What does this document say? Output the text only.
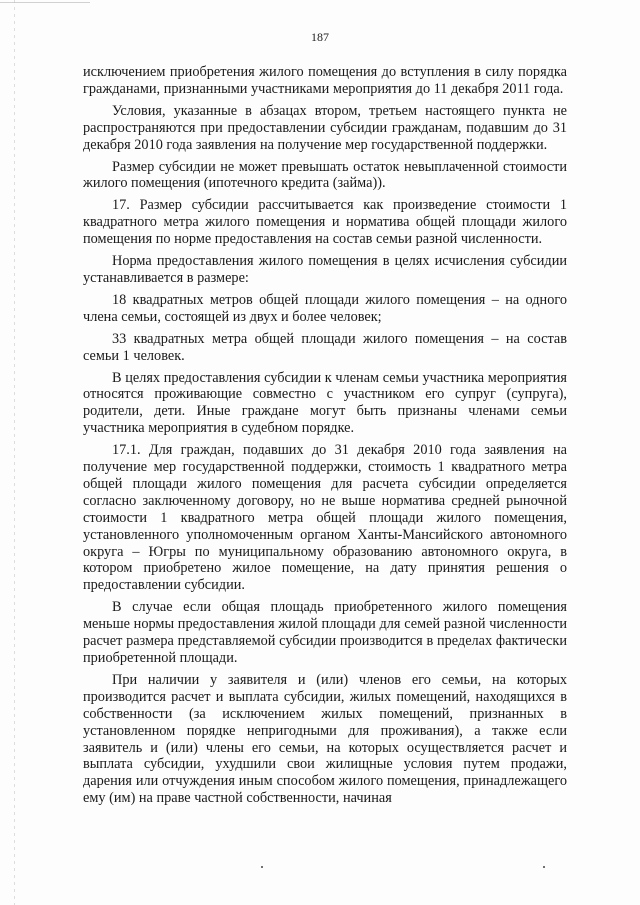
187

исключением приобретения жилого помещения до вступления в силу порядка гражданами, признанными участниками мероприятия до 11 декабря 2011 года.

Условия, указанные в абзацах втором, третьем настоящего пункта не распространяются при предоставлении субсидии гражданам, подавшим до 31 декабря 2010 года заявления на получение мер государственной поддержки.

Размер субсидии не может превышать остаток невыплаченной стоимости жилого помещения (ипотечного кредита (займа)).

17. Размер субсидии рассчитывается как произведение стоимости 1 квадратного метра жилого помещения и норматива общей площади жилого помещения по норме предоставления на состав семьи разной численности.

Норма предоставления жилого помещения в целях исчисления субсидии устанавливается в размере:

18 квадратных метров общей площади жилого помещения – на одного члена семьи, состоящей из двух и более человек;

33 квадратных метра общей площади жилого помещения – на состав семьи 1 человек.

В целях предоставления субсидии к членам семьи участника мероприятия относятся проживающие совместно с участником его супруг (супруга), родители, дети. Иные граждане могут быть признаны членами семьи участника мероприятия в судебном порядке.

17.1. Для граждан, подавших до 31 декабря 2010 года заявления на получение мер государственной поддержки, стоимость 1 квадратного метра общей площади жилого помещения для расчета субсидии определяется согласно заключенному договору, но не выше норматива средней рыночной стоимости 1 квадратного метра общей площади жилого помещения, установленного уполномоченным органом Ханты-Мансийского автономного округа – Югры по муниципальному образованию автономного округа, в котором приобретено жилое помещение, на дату принятия решения о предоставлении субсидии.

В случае если общая площадь приобретенного жилого помещения меньше нормы предоставления жилой площади для семей разной численности расчет размера представляемой субсидии производится в пределах фактически приобретенной площади.

При наличии у заявителя и (или) членов его семьи, на которых производится расчет и выплата субсидии, жилых помещений, находящихся в собственности (за исключением жилых помещений, признанных в установленном порядке непригодными для проживания), а также если заявитель и (или) члены его семьи, на которых осуществляется расчет и выплата субсидии, ухудшили свои жилищные условия путем продажи, дарения или отчуждения иным способом жилого помещения, принадлежащего ему (им) на праве частной собственности, начиная
